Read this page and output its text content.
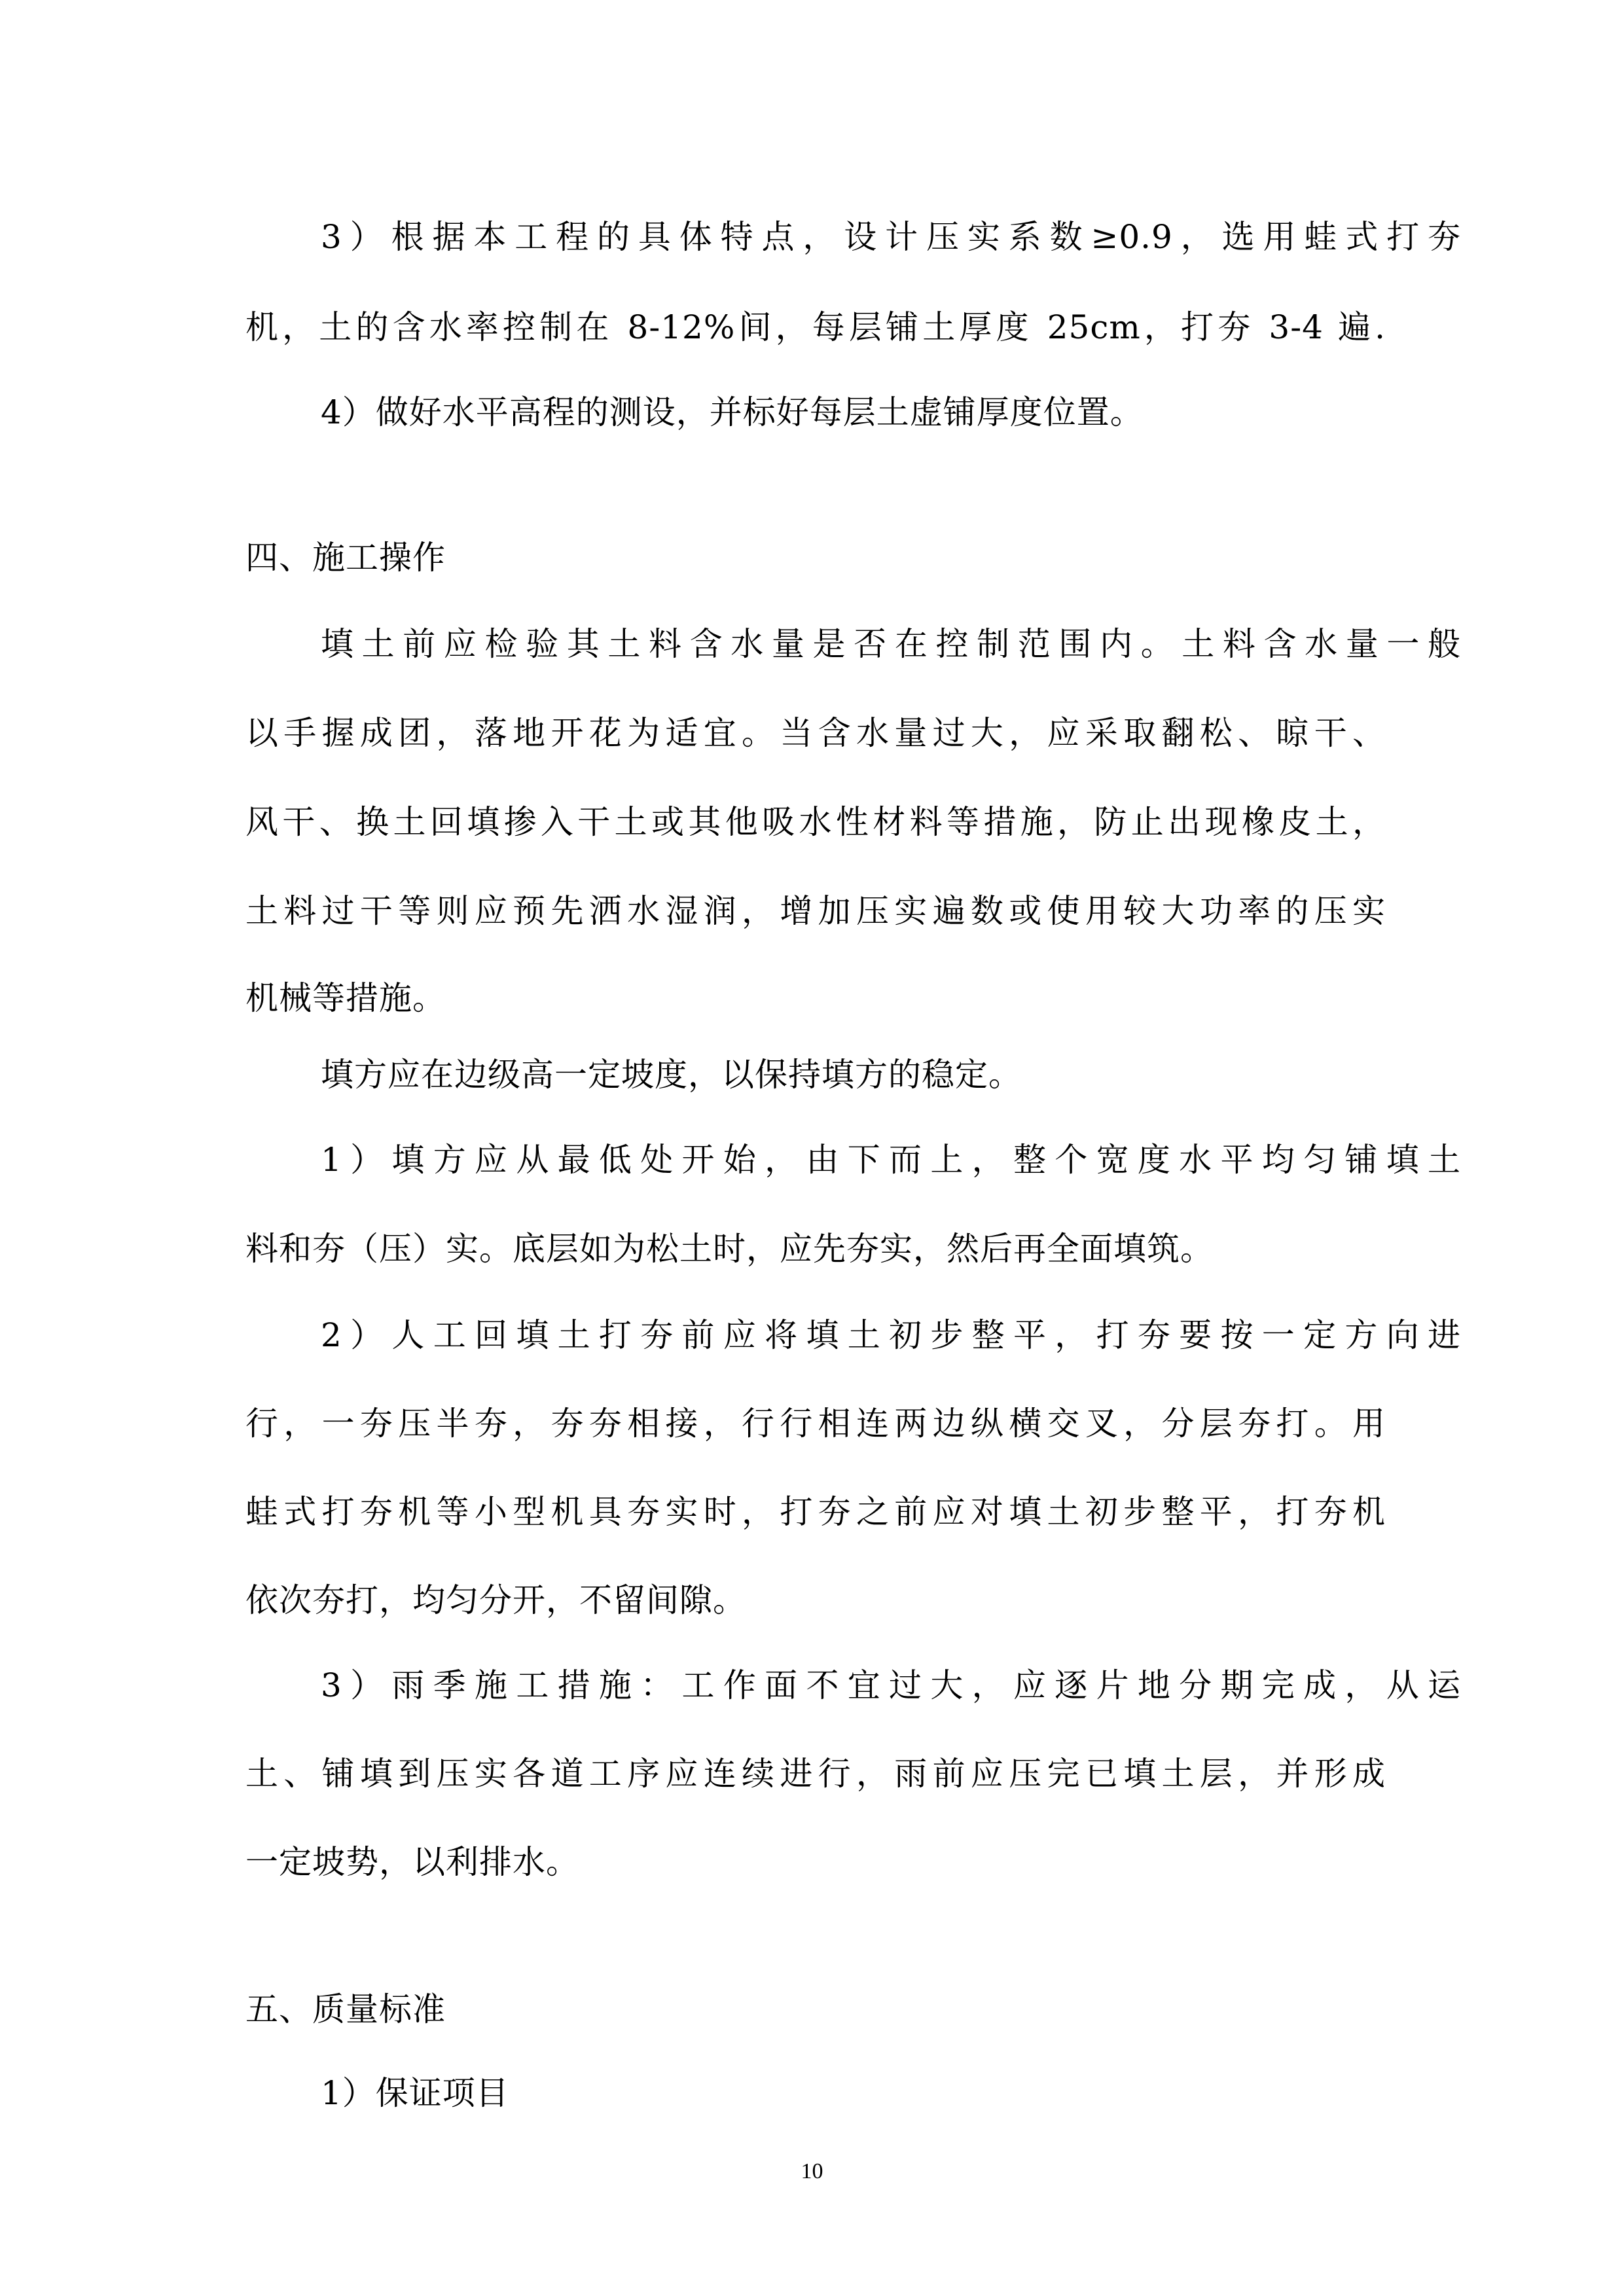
3）根据本工程的具体特点，设计压实系数≥0.9，选用蛙式打夯
机，土的含水率控制在 8-12%间，每层铺土厚度 25cm，打夯 3-4 遍.
4）做好水平高程的测设，并标好每层土虚铺厚度位置。
四、施工操作
填土前应检验其土料含水量是否在控制范围内。土料含水量一般
以手握成团，落地开花为适宜。当含水量过大，应采取翻松、晾干、
风干、换土回填掺入干土或其他吸水性材料等措施，防止出现橡皮土，
土料过干等则应预先洒水湿润，增加压实遍数或使用较大功率的压实
机械等措施。
填方应在边级高一定坡度，以保持填方的稳定。
1）填方应从最低处开始，由下而上，整个宽度水平均匀铺填土
料和夯（压）实。底层如为松土时，应先夯实，然后再全面填筑。
2）人工回填土打夯前应将填土初步整平，打夯要按一定方向进
行，一夯压半夯，夯夯相接，行行相连两边纵横交叉，分层夯打。用
蛙式打夯机等小型机具夯实时，打夯之前应对填土初步整平，打夯机
依次夯打，均匀分开，不留间隙。
3）雨季施工措施：工作面不宜过大，应逐片地分期完成，从运
土、铺填到压实各道工序应连续进行，雨前应压完已填土层，并形成
一定坡势，以利排水。
五、质量标准
1）保证项目
10
